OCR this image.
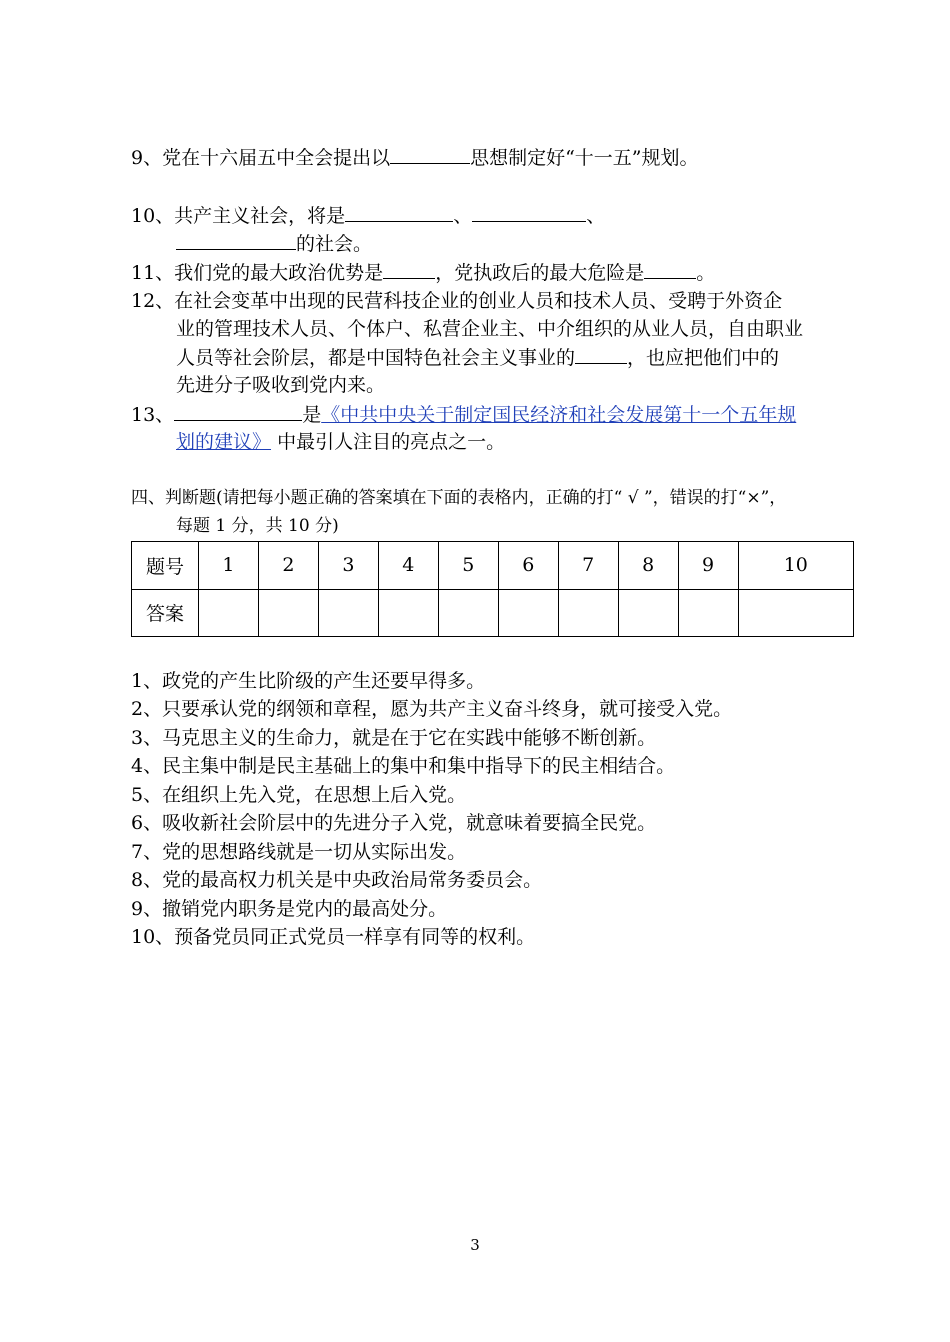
9、党在十六届五中全会提出以	思想制定好“十一五”规划。
10、共产主义社会，将是	、	、
的社会。
11、我们党的最大政治优势是	，党执政后的最大危险是	。
12、在社会变革中出现的民营科技企业的创业人员和技术人员、受聘于外资企
业的管理技术人员、个体户、私营企业主、中介组织的从业人员，自由职业
人员等社会阶层，都是中国特色社会主义事业的	，也应把他们中的
先进分子吸收到党内来。
13、	是《中共中央关于制定国民经济和社会发展第十一个五年规
划的建议》 中最引人注目的亮点之一。
四、判断题(请把每小题正确的答案填在下面的表格内，正确的打“ √ ”，错误的打“×”，
每题 1 分，共 10 分)
题号	1	2	3	4	5	6	7	8	9	10
答案										
1、政党的产生比阶级的产生还要早得多。
2、只要承认党的纲领和章程，愿为共产主义奋斗终身，就可接受入党。
3、马克思主义的生命力，就是在于它在实践中能够不断创新。
4、民主集中制是民主基础上的集中和集中指导下的民主相结合。
5、在组织上先入党，在思想上后入党。
6、吸收新社会阶层中的先进分子入党，就意味着要搞全民党。
7、党的思想路线就是一切从实际出发。
8、党的最高权力机关是中央政治局常务委员会。
9、撤销党内职务是党内的最高处分。
10、预备党员同正式党员一样享有同等的权利。
3
